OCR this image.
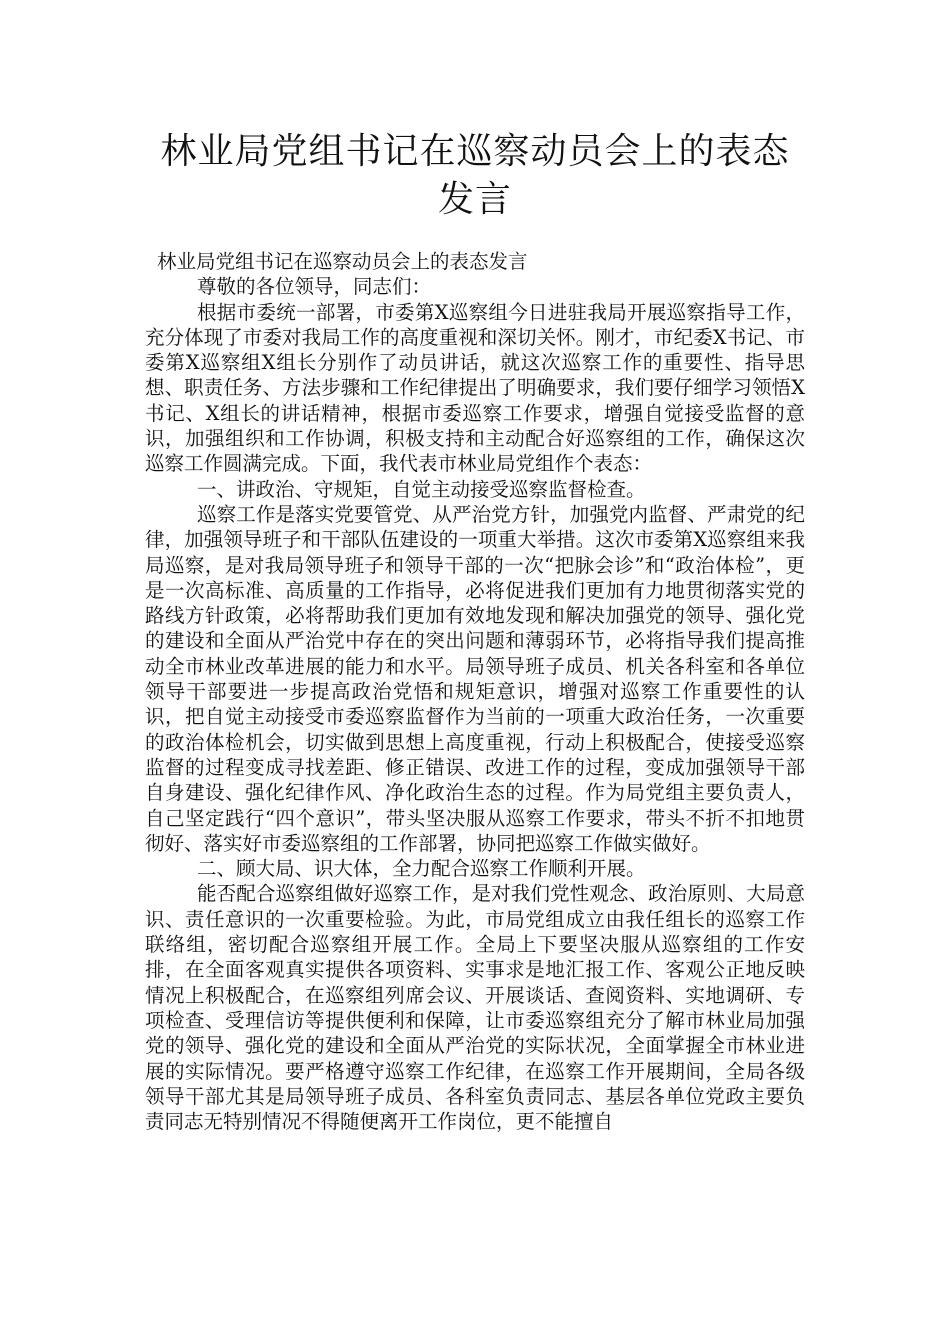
林业局党组书记在巡察动员会上的表态发言

林业局党组书记在巡察动员会上的表态发言

尊敬的各位领导，同志们：

根据市委统一部署，市委第X巡察组今日进驻我局开展巡察指导工作，充分体现了市委对我局工作的高度重视和深切关怀。刚才，市纪委X书记、市委第X巡察组X组长分别作了动员讲话，就这次巡察工作的重要性、指导思想、职责任务、方法步骤和工作纪律提出了明确要求，我们要仔细学习领悟X书记、X组长的讲话精神，根据市委巡察工作要求，增强自觉接受监督的意识，加强组织和工作协调，积极支持和主动配合好巡察组的工作，确保这次巡察工作圆满完成。下面，我代表市林业局党组作个表态：

一、讲政治、守规矩，自觉主动接受巡察监督检查。

巡察工作是落实党要管党、从严治党方针，加强党内监督、严肃党的纪律，加强领导班子和干部队伍建设的一项重大举措。这次市委第X巡察组来我局巡察，是对我局领导班子和领导干部的一次“把脉会诊”和“政治体检”，更是一次高标准、高质量的工作指导，必将促进我们更加有力地贯彻落实党的路线方针政策，必将帮助我们更加有效地发现和解决加强党的领导、强化党的建设和全面从严治党中存在的突出问题和薄弱环节，必将指导我们提高推动全市林业改革进展的能力和水平。局领导班子成员、机关各科室和各单位领导干部要进一步提高政治党悟和规矩意识，增强对巡察工作重要性的认识，把自觉主动接受市委巡察监督作为当前的一项重大政治任务，一次重要的政治体检机会，切实做到思想上高度重视，行动上积极配合，使接受巡察监督的过程变成寻找差距、修正错误、改进工作的过程，变成加强领导干部自身建设、强化纪律作风、净化政治生态的过程。作为局党组主要负责人，自己坚定践行“四个意识”，带头坚决服从巡察工作要求，带头不折不扣地贯彻好、落实好市委巡察组的工作部署，协同把巡察工作做实做好。

二、顾大局、识大体，全力配合巡察工作顺利开展。

能否配合巡察组做好巡察工作，是对我们党性观念、政治原则、大局意识、责任意识的一次重要检验。为此，市局党组成立由我任组长的巡察工作联络组，密切配合巡察组开展工作。全局上下要坚决服从巡察组的工作安排，在全面客观真实提供各项资料、实事求是地汇报工作、客观公正地反映情况上积极配合，在巡察组列席会议、开展谈话、查阅资料、实地调研、专项检查、受理信访等提供便利和保障，让市委巡察组充分了解市林业局加强党的领导、强化党的建设和全面从严治党的实际状况，全面掌握全市林业进展的实际情况。要严格遵守巡察工作纪律，在巡察工作开展期间，全局各级领导干部尤其是局领导班子成员、各科室负责同志、基层各单位党政主要负责同志无特别情况不得随便离开工作岗位，更不能擅自
